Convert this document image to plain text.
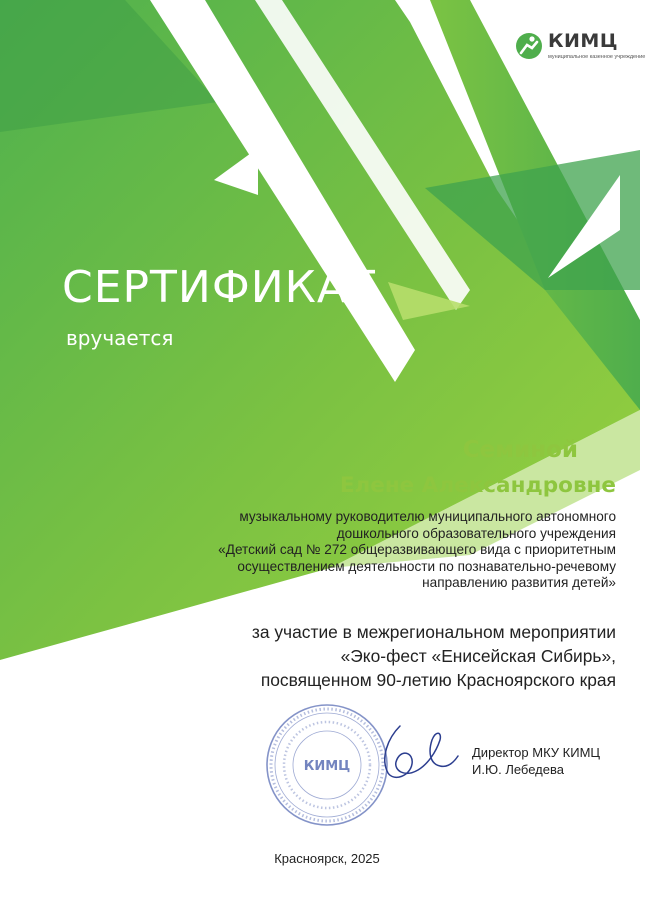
КИМЦ
муниципальное казенное учреждение
СЕРТИФИКАТ
вручается
Семиной
Елене Александровне
музыкальному руководителю муниципального автономного
дошкольного образовательного учреждения
«Детский сад № 272 общеразвивающего вида с приоритетным
осуществлением деятельности по познавательно-речевому
направлению развития детей»
за участие в межрегиональном мероприятии
«Эко-фест «Енисейская Сибирь»,
посвященном 90-летию Красноярского края
КИМЦ
Директор МКУ КИМЦ
И.Ю. Лебедева
Красноярск, 2025
